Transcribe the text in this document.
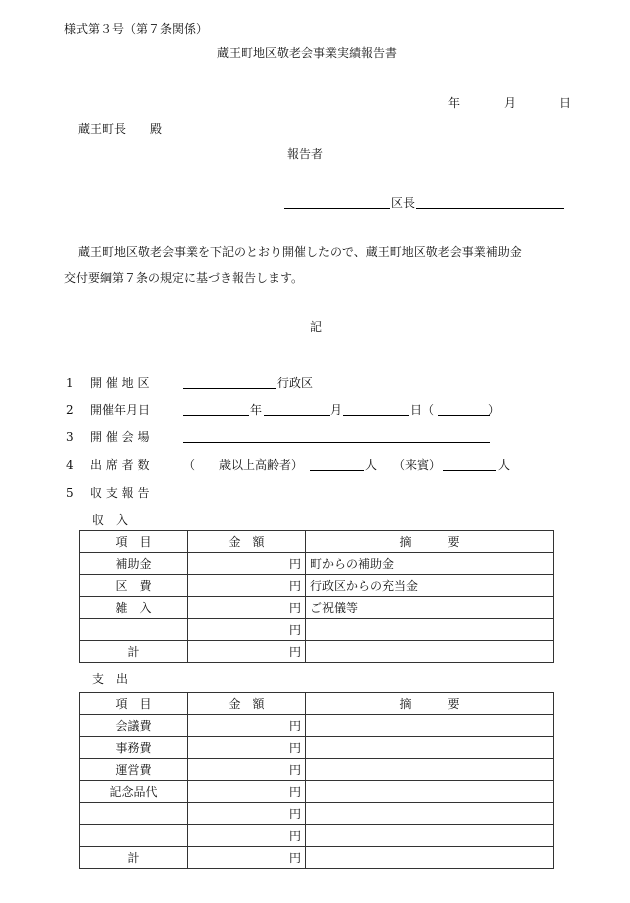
様式第３号（第７条関係）
蔵王町地区敬老会事業実績報告書
年	月	日
蔵王町長　　殿
報告者
区長
蔵王町地区敬老会事業を下記のとおり開催したので、蔵王町地区敬老会事業補助金
交付要綱第７条の規定に基づき報告します。
記
1 開 催 地 区	行政区
2 開催年月日	年	月	日（	）
3 開 催 会 場
4 出 席 者 数	（　　歳以上高齢者）	人 （来賓）	人
5 収 支 報 告
収　入
項　目	金　額	摘　　　要
補助金	円	町からの補助金
区　費	円	行政区からの充当金
雑　入	円	ご祝儀等
	円	
計	円	
支　出
項　目	金　額	摘　　　要
会議費	円	
事務費	円	
運営費	円	
記念品代	円	
	円	
	円	
計	円	
